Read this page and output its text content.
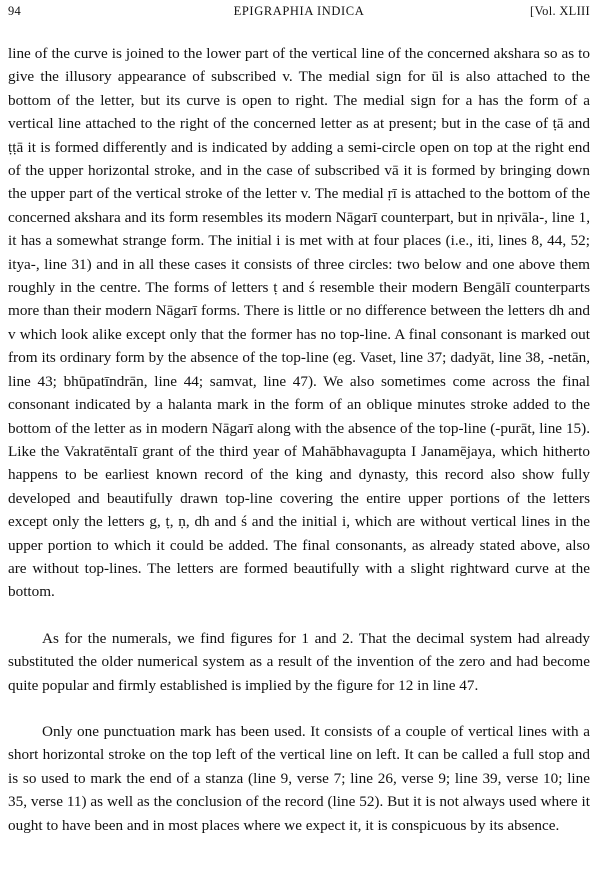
94	EPIGRAPHIA INDICA	[Vol. XLIII

line of the curve is joined to the lower part of the vertical line of the concerned akshara so as to give the illusory appearance of subscribed v. The medial sign for ūl is also attached to the bottom of the letter, but its curve is open to right. The medial sign for a has the form of a vertical line attached to the right of the concerned letter as at present; but in the case of ṭā and ṭṭā it is formed differently and is indicated by adding a semi-circle open on top at the right end of the upper horizontal stroke, and in the case of subscribed vā it is formed by bringing down the upper part of the vertical stroke of the letter v. The medial ṛī is attached to the bottom of the concerned akshara and its form resembles its modern Nāgarī counterpart, but in nṛivāla-, line 1, it has a somewhat strange form. The initial i is met with at four places (i.e., iti, lines 8, 44, 52; itya-, line 31) and in all these cases it consists of three circles: two below and one above them roughly in the centre. The forms of letters ṭ and ś resemble their modern Bengālī counterparts more than their modern Nāgarī forms. There is little or no difference between the letters dh and v which look alike except only that the former has no top-line. A final consonant is marked out from its ordinary form by the absence of the top-line (eg. Vaset, line 37; dadyāt, line 38, -netān, line 43; bhūpatīndrān, line 44; samvat, line 47). We also sometimes come across the final consonant indicated by a halanta mark in the form of an oblique minutes stroke added to the bottom of the letter as in modern Nāgarī along with the absence of the top-line (-purāt, line 15). Like the Vakratēntalī grant of the third year of Mahābhavagupta I Janamējaya, which hitherto happens to be earliest known record of the king and dynasty, this record also show fully developed and beautifully drawn top-line covering the entire upper portions of the letters except only the letters g, ṭ, ṇ, dh and ś and the initial i, which are without vertical lines in the upper portion to which it could be added. The final consonants, as already stated above, also are without top-lines. The letters are formed beautifully with a slight rightward curve at the bottom.

As for the numerals, we find figures for 1 and 2. That the decimal system had already substituted the older numerical system as a result of the invention of the zero and had become quite popular and firmly established is implied by the figure for 12 in line 47.

Only one punctuation mark has been used. It consists of a couple of vertical lines with a short horizontal stroke on the top left of the vertical line on left. It can be called a full stop and is so used to mark the end of a stanza (line 9, verse 7; line 26, verse 9; line 39, verse 10; line 35, verse 11) as well as the conclusion of the record (line 52). But it is not always used where it ought to have been and in most places where we expect it, it is conspicuous by its absence.
